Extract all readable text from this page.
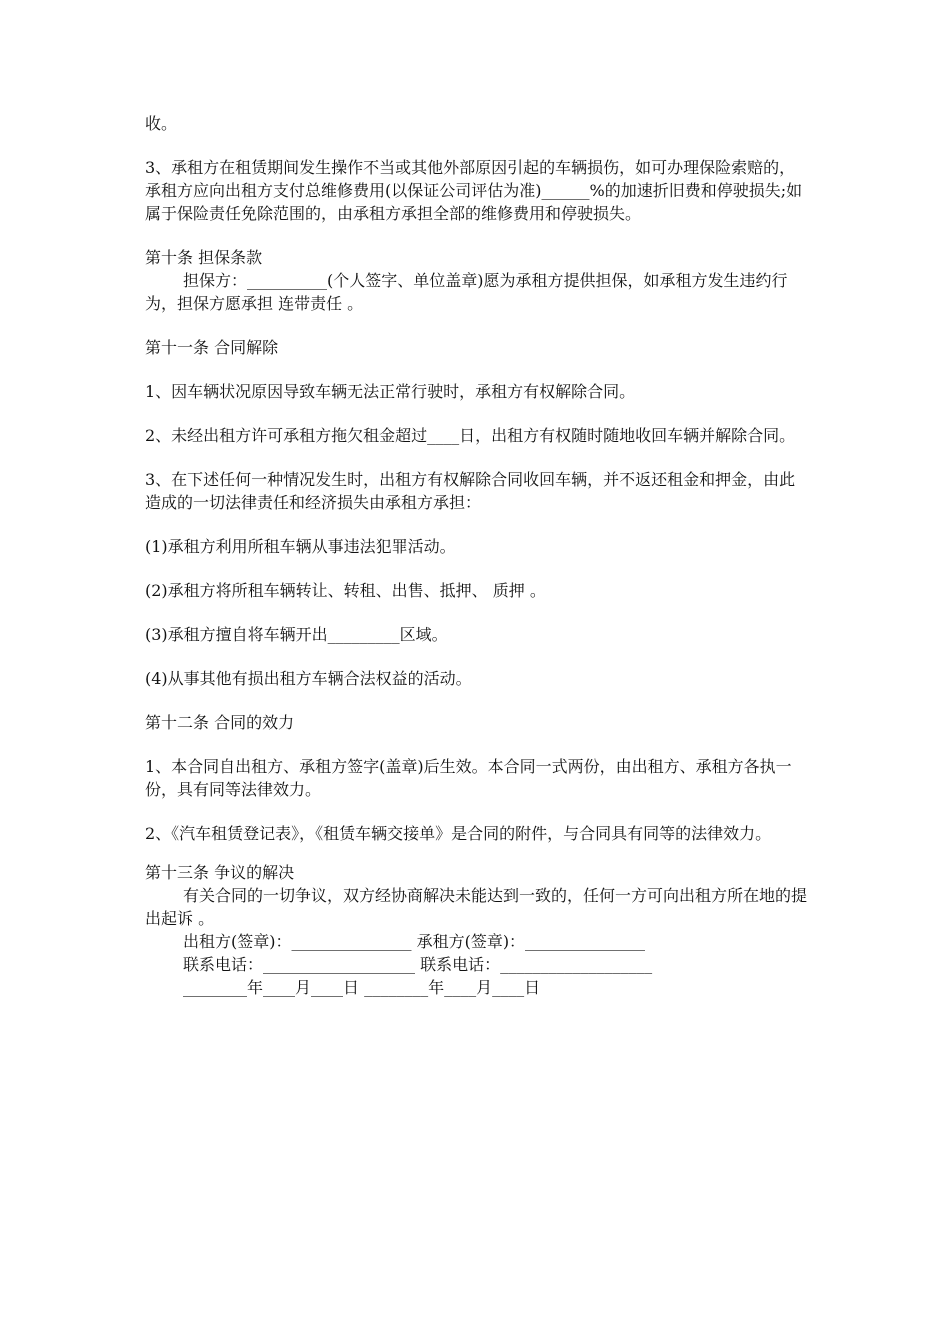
收。

3、承租方在租赁期间发生操作不当或其他外部原因引起的车辆损伤，如可办理保险索赔的，承租方应向出租方支付总维修费用(以保证公司评估为准)______%的加速折旧费和停驶损失;如属于保险责任免除范围的，由承租方承担全部的维修费用和停驶损失。

第十条 担保条款

担保方：__________(个人签字、单位盖章)愿为承租方提供担保，如承租方发生违约行为，担保方愿承担 连带责任 。

第十一条 合同解除

1、因车辆状况原因导致车辆无法正常行驶时，承租方有权解除合同。

2、未经出租方许可承租方拖欠租金超过____日，出租方有权随时随地收回车辆并解除合同。

3、在下述任何一种情况发生时，出租方有权解除合同收回车辆，并不返还租金和押金，由此造成的一切法律责任和经济损失由承租方承担：

(1)承租方利用所租车辆从事违法犯罪活动。

(2)承租方将所租车辆转让、转租、出售、抵押、 质押 。

(3)承租方擅自将车辆开出_________区域。

(4)从事其他有损出租方车辆合法权益的活动。

第十二条 合同的效力

1、本合同自出租方、承租方签字(盖章)后生效。本合同一式两份，由出租方、承租方各执一份，具有同等法律效力。

2、《汽车租赁登记表》，《租赁车辆交接单》是合同的附件，与合同具有同等的法律效力。

第十三条 争议的解决

有关合同的一切争议，双方经协商解决未能达到一致的，任何一方可向出租方所在地的提出起诉 。

出租方(签章)：_______________ 承租方(签章)：_______________

联系电话：___________________ 联系电话：___________________

________年____月____日 ________年____月____日
